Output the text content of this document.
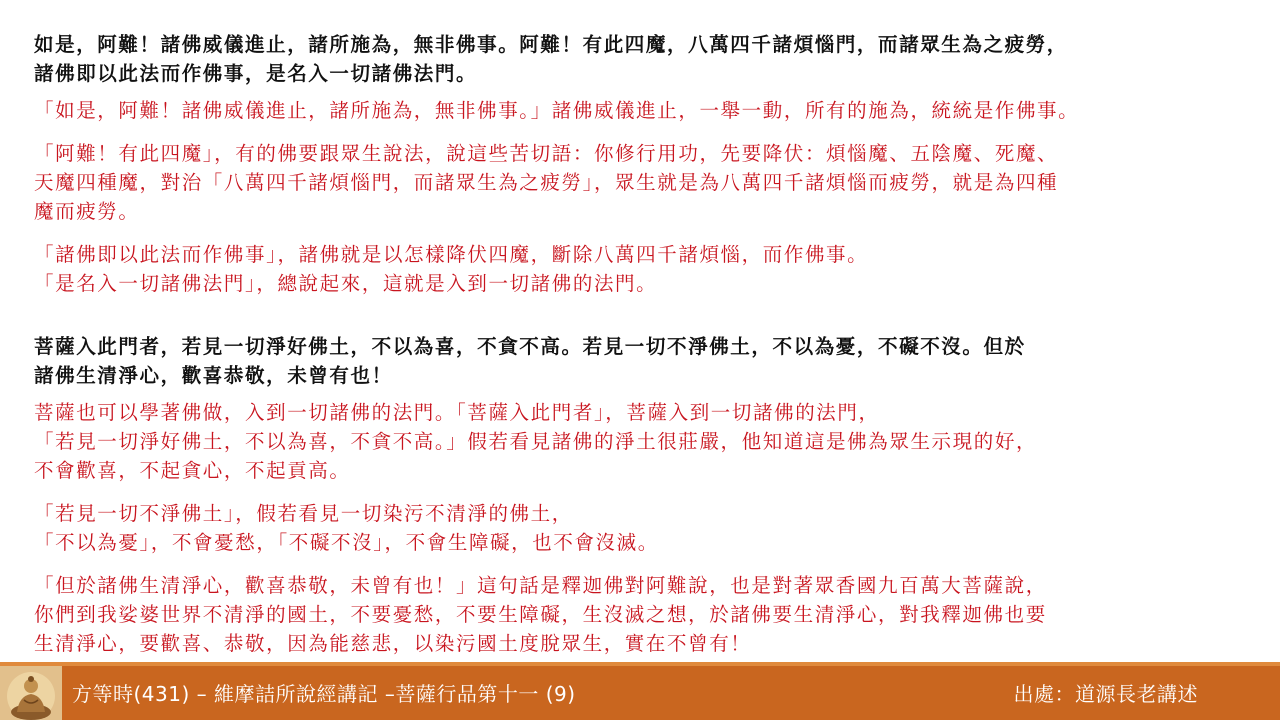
如是，阿難！諸佛威儀進止，諸所施為，無非佛事。阿難！有此四魔，八萬四千諸煩惱門，而諸眾生為之疲勞，

諸佛即以此法而作佛事，是名入一切諸佛法門。

「如是，阿難！諸佛威儀進止，諸所施為，無非佛事。」諸佛威儀進止，一舉一動，所有的施為，統統是作佛事。

「阿難！有此四魔」，有的佛要跟眾生說法，說這些苦切語：你修行用功，先要降伏：煩惱魔、五陰魔、死魔、

天魔四種魔，對治「八萬四千諸煩惱門，而諸眾生為之疲勞」，眾生就是為八萬四千諸煩惱而疲勞，就是為四種

魔而疲勞。

「諸佛即以此法而作佛事」，諸佛就是以怎樣降伏四魔，斷除八萬四千諸煩惱，而作佛事。

「是名入一切諸佛法門」，總說起來，這就是入到一切諸佛的法門。

菩薩入此門者，若見一切淨好佛土，不以為喜，不貪不高。若見一切不淨佛土，不以為憂，不礙不沒。但於

諸佛生清淨心，歡喜恭敬，未曾有也！

菩薩也可以學著佛做，入到一切諸佛的法門。「菩薩入此門者」，菩薩入到一切諸佛的法門，

「若見一切淨好佛土，不以為喜，不貪不高。」假若看見諸佛的淨土很莊嚴，他知道這是佛為眾生示現的好，

不會歡喜，不起貪心，不起貢高。

「若見一切不淨佛土」，假若看見一切染污不清淨的佛土，

「不以為憂」，不會憂愁，「不礙不沒」，不會生障礙，也不會沒滅。

「但於諸佛生清淨心，歡喜恭敬，未曾有也！」這句話是釋迦佛對阿難說，也是對著眾香國九百萬大菩薩說，

你們到我娑婆世界不清淨的國土，不要憂愁，不要生障礙，生沒滅之想，於諸佛要生清淨心，對我釋迦佛也要

生清淨心，要歡喜、恭敬，因為能慈悲，以染污國土度脫眾生，實在不曾有！

方等時(431) – 維摩詰所說經講記 –菩薩行品第十一 (9)	出處：道源長老講述
